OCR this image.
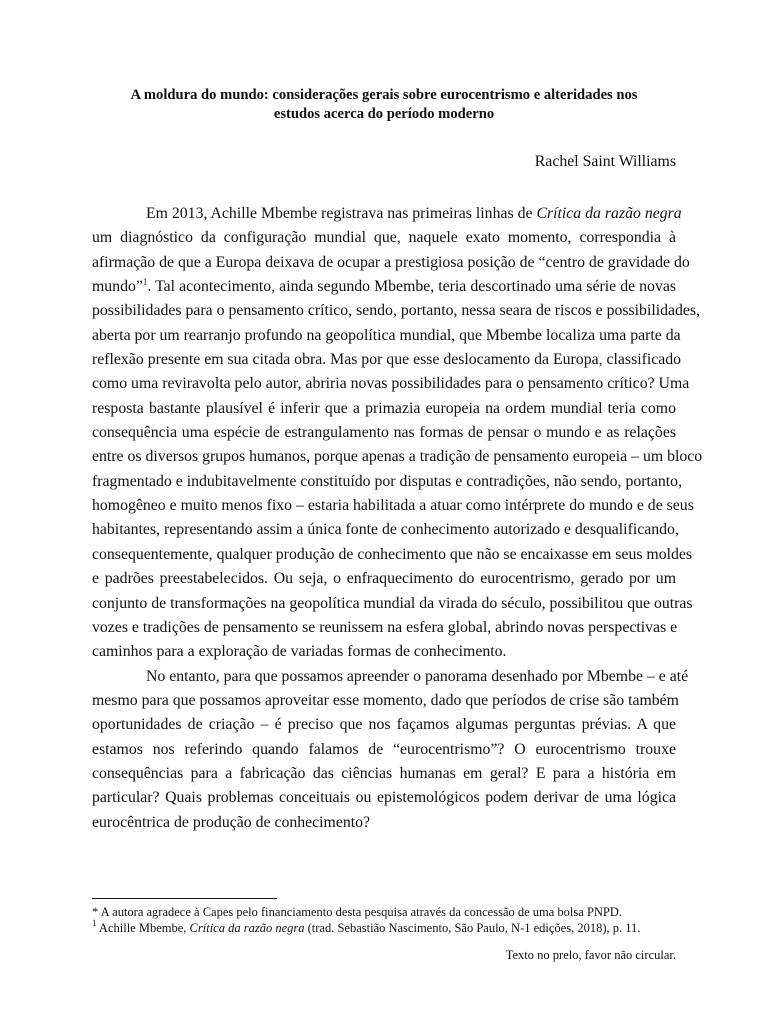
A moldura do mundo: considerações gerais sobre eurocentrismo e alteridades nos
estudos acerca do período moderno
Rachel Saint Williams
Em 2013, Achille Mbembe registrava nas primeiras linhas de Crítica da razão negra
um diagnóstico da configuração mundial que, naquele exato momento, correspondia à
afirmação de que a Europa deixava de ocupar a prestigiosa posição de “centro de gravidade do
mundo”$^1$. Tal acontecimento, ainda segundo Mbembe, teria descortinado uma série de novas
possibilidades para o pensamento crítico, sendo, portanto, nessa seara de riscos e possibilidades,
aberta por um rearranjo profundo na geopolítica mundial, que Mbembe localiza uma parte da
reflexão presente em sua citada obra. Mas por que esse deslocamento da Europa, classificado
como uma reviravolta pelo autor, abriria novas possibilidades para o pensamento crítico? Uma
resposta bastante plausível é inferir que a primazia europeia na ordem mundial teria como
consequência uma espécie de estrangulamento nas formas de pensar o mundo e as relações
entre os diversos grupos humanos, porque apenas a tradição de pensamento europeia – um bloco
fragmentado e indubitavelmente constituído por disputas e contradições, não sendo, portanto,
homogêneo e muito menos fixo – estaria habilitada a atuar como intérprete do mundo e de seus
habitantes, representando assim a única fonte de conhecimento autorizado e desqualificando,
consequentemente, qualquer produção de conhecimento que não se encaixasse em seus moldes
e padrões preestabelecidos. Ou seja, o enfraquecimento do eurocentrismo, gerado por um
conjunto de transformações na geopolítica mundial da virada do século, possibilitou que outras
vozes e tradições de pensamento se reunissem na esfera global, abrindo novas perspectivas e
caminhos para a exploração de variadas formas de conhecimento.
No entanto, para que possamos apreender o panorama desenhado por Mbembe – e até
mesmo para que possamos aproveitar esse momento, dado que períodos de crise são também
oportunidades de criação – é preciso que nos façamos algumas perguntas prévias. A que
estamos nos referindo quando falamos de “eurocentrismo”? O eurocentrismo trouxe
consequências para a fabricação das ciências humanas em geral? E para a história em
particular? Quais problemas conceituais ou epistemológicos podem derivar de uma lógica
eurocêntrica de produção de conhecimento?
* A autora agradece à Capes pelo financiamento desta pesquisa através da concessão de uma bolsa PNPD.
$^1$ Achille Mbembe, Crítica da razão negra (trad. Sebastião Nascimento, São Paulo, N-1 edições, 2018), p. 11.
Texto no prelo, favor não circular.
